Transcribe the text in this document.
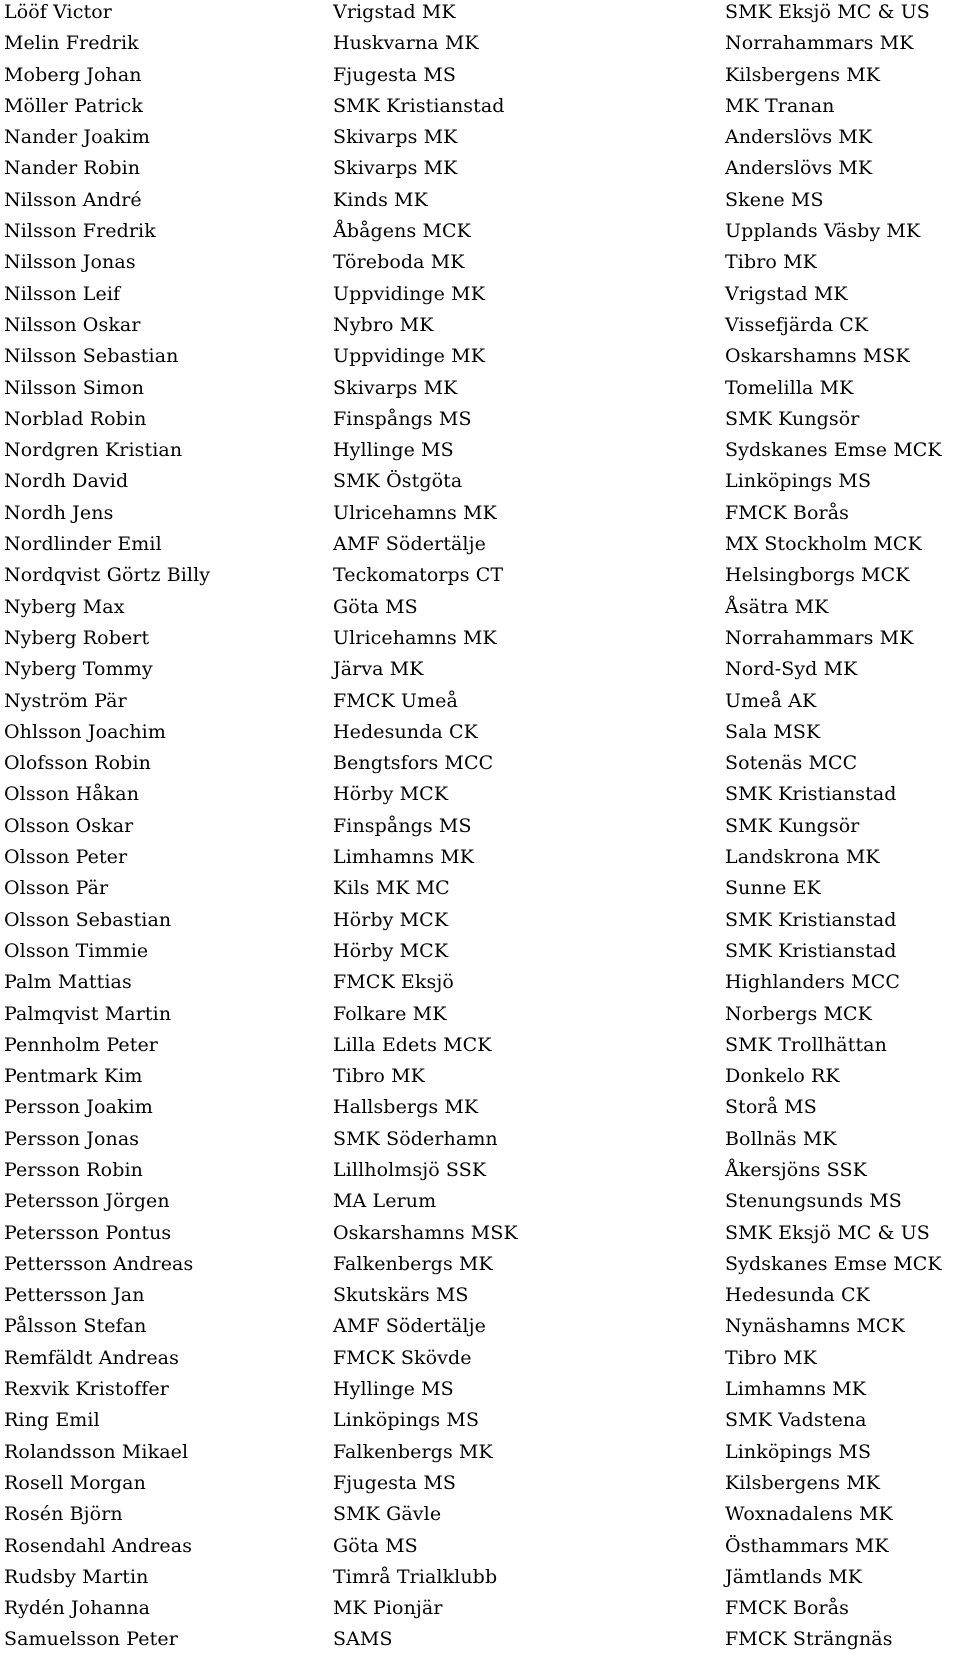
Lööf Victor	Vrigstad MK	SMK Eksjö MC & US
Melin Fredrik	Huskvarna MK	Norrahammars MK
Moberg Johan	Fjugesta MS	Kilsbergens MK
Möller Patrick	SMK Kristianstad	MK Tranan
Nander Joakim	Skivarps MK	Anderslövs MK
Nander Robin	Skivarps MK	Anderslövs MK
Nilsson André	Kinds MK	Skene MS
Nilsson Fredrik	Åbågens MCK	Upplands Väsby MK
Nilsson Jonas	Töreboda MK	Tibro MK
Nilsson Leif	Uppvidinge MK	Vrigstad MK
Nilsson Oskar	Nybro MK	Vissefjärda CK
Nilsson Sebastian	Uppvidinge MK	Oskarshamns MSK
Nilsson Simon	Skivarps MK	Tomelilla MK
Norblad Robin	Finspångs MS	SMK Kungsör
Nordgren Kristian	Hyllinge MS	Sydskanes Emse MCK
Nordh David	SMK Östgöta	Linköpings MS
Nordh Jens	Ulricehamns MK	FMCK Borås
Nordlinder Emil	AMF Södertälje	MX Stockholm MCK
Nordqvist Görtz Billy	Teckomatorps CT	Helsingborgs MCK
Nyberg Max	Göta MS	Åsätra MK
Nyberg Robert	Ulricehamns MK	Norrahammars MK
Nyberg Tommy	Järva MK	Nord-Syd MK
Nyström Pär	FMCK Umeå	Umeå AK
Ohlsson Joachim	Hedesunda CK	Sala MSK
Olofsson Robin	Bengtsfors MCC	Sotenäs MCC
Olsson Håkan	Hörby MCK	SMK Kristianstad
Olsson Oskar	Finspångs MS	SMK Kungsör
Olsson Peter	Limhamns MK	Landskrona MK
Olsson Pär	Kils MK MC	Sunne EK
Olsson Sebastian	Hörby MCK	SMK Kristianstad
Olsson Timmie	Hörby MCK	SMK Kristianstad
Palm Mattias	FMCK Eksjö	Highlanders MCC
Palmqvist Martin	Folkare MK	Norbergs MCK
Pennholm Peter	Lilla Edets MCK	SMK Trollhättan
Pentmark Kim	Tibro MK	Donkelo RK
Persson Joakim	Hallsbergs MK	Storå MS
Persson Jonas	SMK Söderhamn	Bollnäs MK
Persson Robin	Lillholmsjö SSK	Åkersjöns SSK
Petersson Jörgen	MA Lerum	Stenungsunds MS
Petersson Pontus	Oskarshamns MSK	SMK Eksjö MC & US
Pettersson Andreas	Falkenbergs MK	Sydskanes Emse MCK
Pettersson Jan	Skutskärs MS	Hedesunda CK
Pålsson Stefan	AMF Södertälje	Nynäshamns MCK
Remfäldt Andreas	FMCK Skövde	Tibro MK
Rexvik Kristoffer	Hyllinge MS	Limhamns MK
Ring Emil	Linköpings MS	SMK Vadstena
Rolandsson Mikael	Falkenbergs MK	Linköpings MS
Rosell Morgan	Fjugesta MS	Kilsbergens MK
Rosén Björn	SMK Gävle	Woxnadalens MK
Rosendahl Andreas	Göta MS	Östhammars MK
Rudsby Martin	Timrå Trialklubb	Jämtlands MK
Rydén Johanna	MK Pionjär	FMCK Borås
Samuelsson Peter	SAMS	FMCK Strängnäs
